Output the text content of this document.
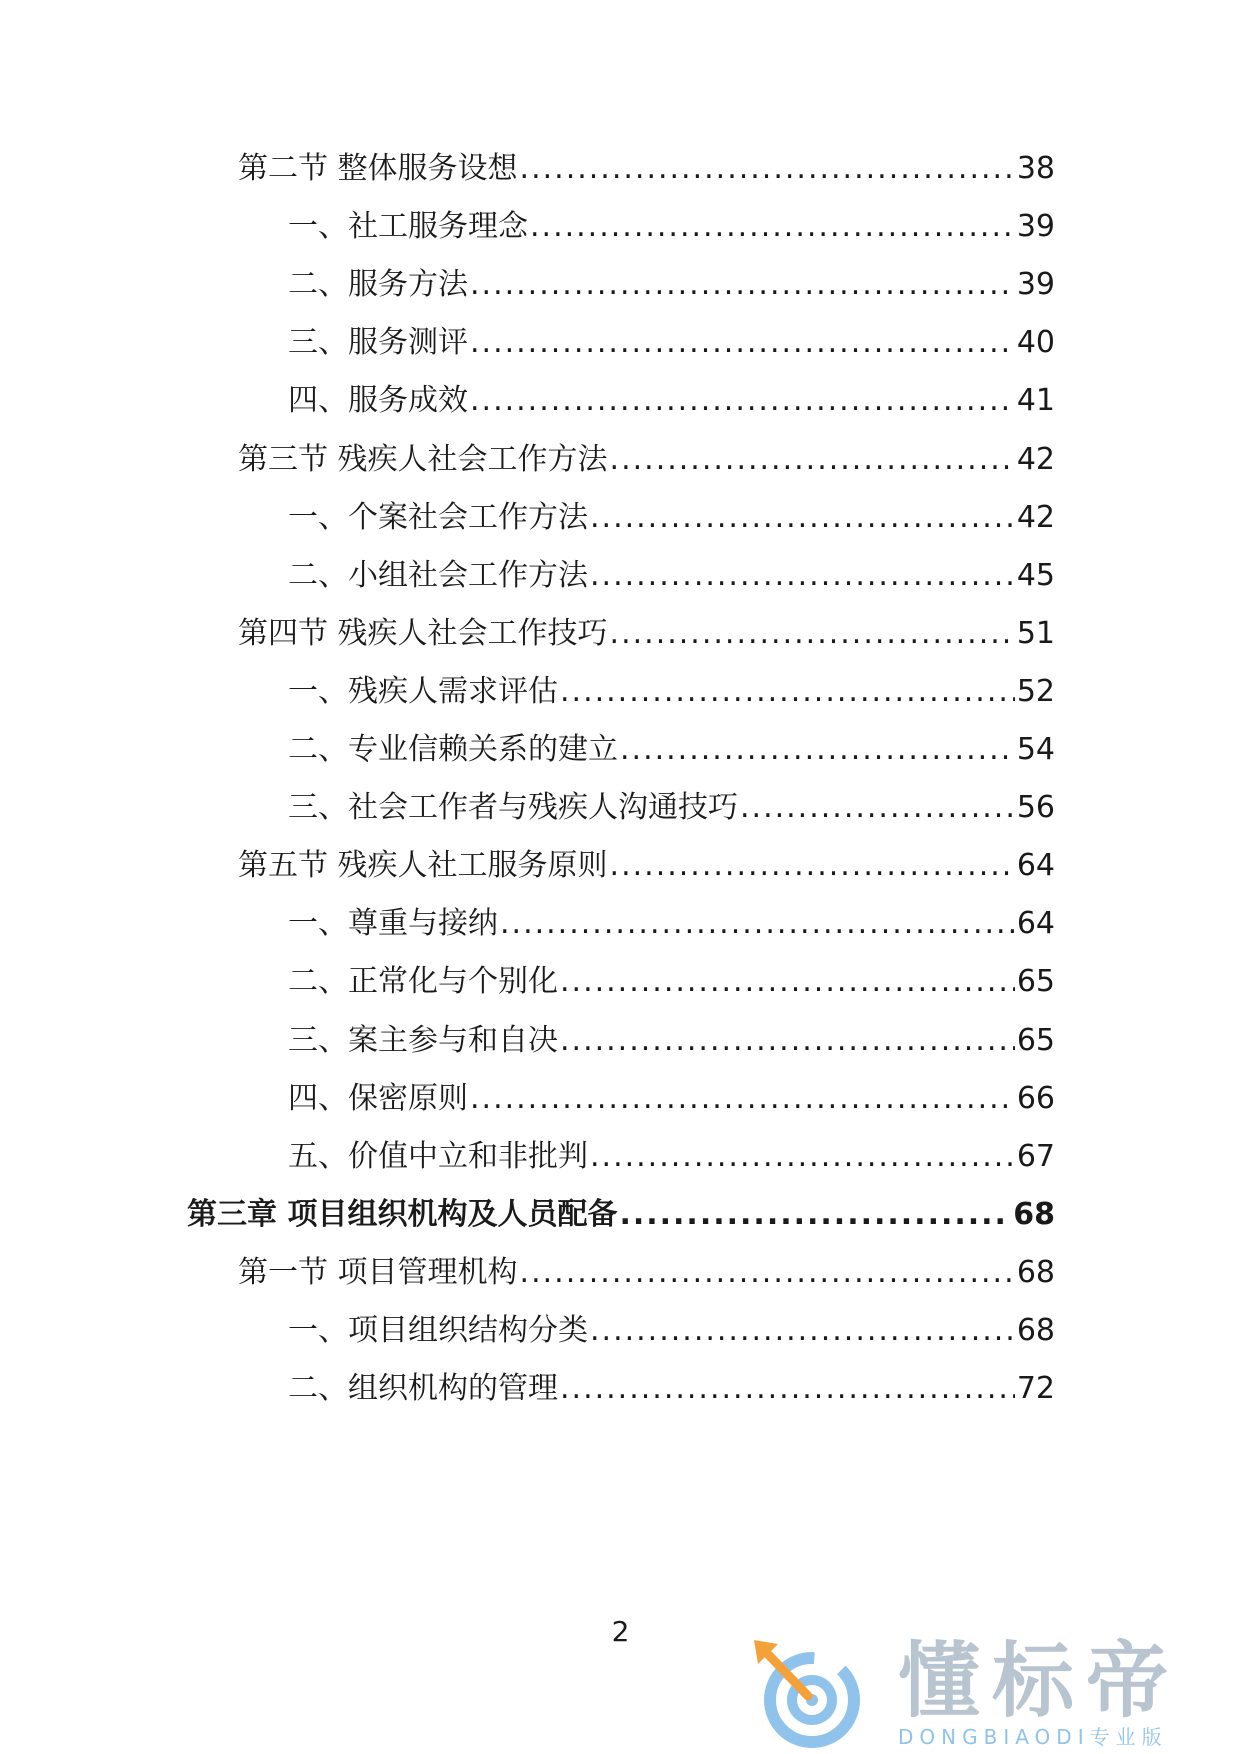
第二节 整体服务设想 .....	38
一、社工服务理念 .....	39
二、服务方法 .....	39
三、服务测评 .....	40
四、服务成效 .....	41
第三节 残疾人社会工作方法 .....	42
一、个案社会工作方法 .....	42
二、小组社会工作方法 .....	45
第四节 残疾人社会工作技巧 .....	51
一、残疾人需求评估 .....	52
二、专业信赖关系的建立 .....	54
三、社会工作者与残疾人沟通技巧 .....	56
第五节 残疾人社工服务原则 .....	64
一、尊重与接纳 .....	64
二、正常化与个别化 .....	65
三、案主参与和自决 .....	65
四、保密原则 .....	66
五、价值中立和非批判 .....	67
第三章 项目组织机构及人员配备 .....	68
第一节 项目管理机构 .....	68
一、项目组织结构分类 .....	68
二、组织机构的管理 .....	72
2
懂标帝
DONGBIAODI专业版
